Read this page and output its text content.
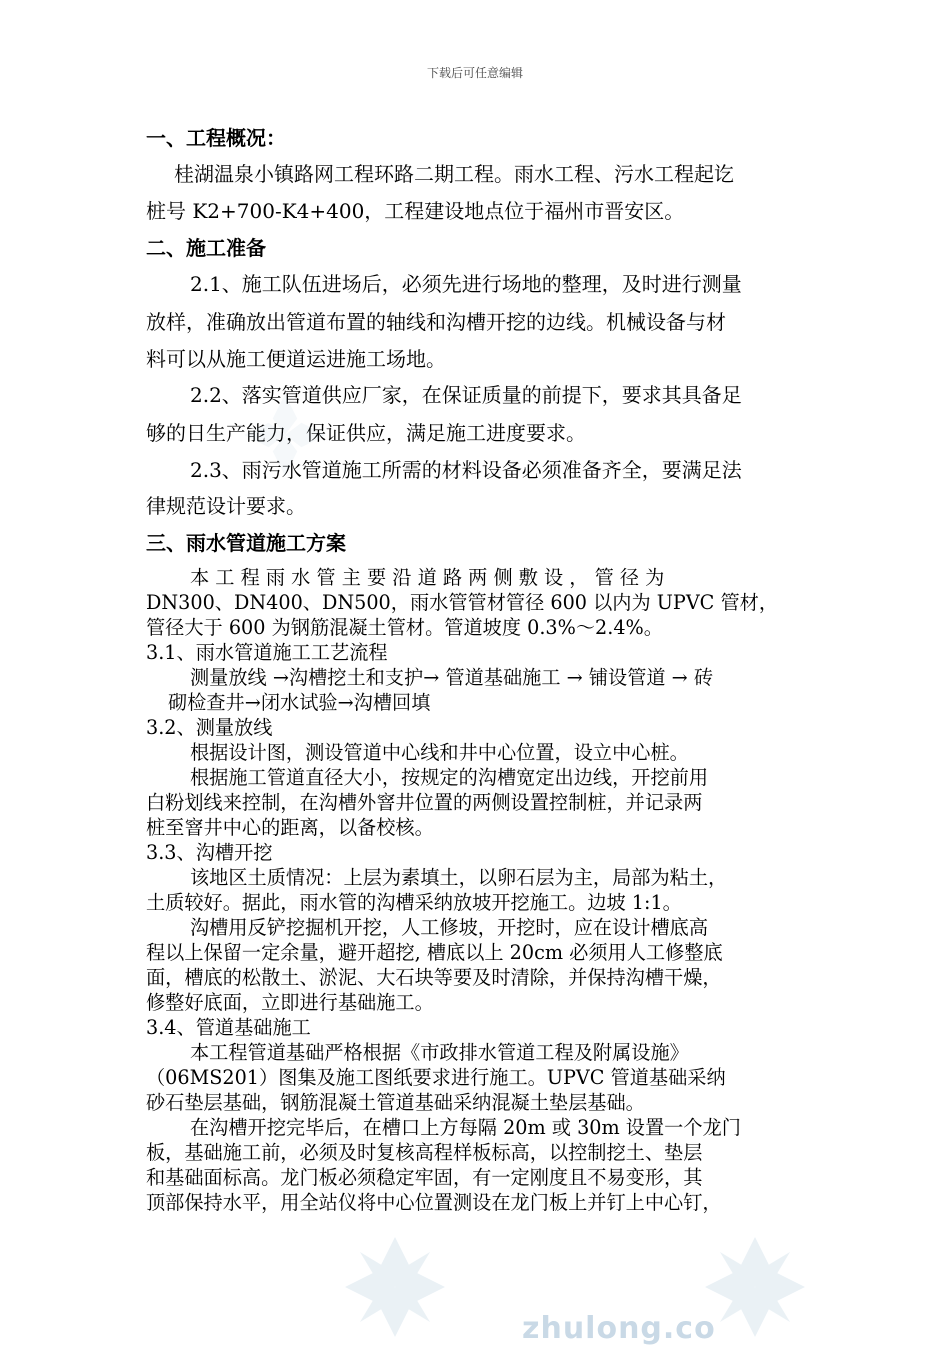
下载后可任意编辑
一、工程概况：
桂湖温泉小镇路网工程环路二期工程。雨水工程、污水工程起讫
桩号 K2+700-K4+400，工程建设地点位于福州市晋安区。
二、施工准备
2.1、施工队伍进场后，必须先进行场地的整理，及时进行测量
放样，准确放出管道布置的轴线和沟槽开挖的边线。机械设备与材
料可以从施工便道运进施工场地。
2.2、落实管道供应厂家，在保证质量的前提下，要求其具备足
够的日生产能力，保证供应，满足施工进度要求。
2.3、雨污水管道施工所需的材料设备必须准备齐全，要满足法
律规范设计要求。
三、雨水管道施工方案
本 工 程 雨 水 管 主 要 沿 道 路 两 侧 敷 设 ， 管 径 为
DN300、DN400、DN500，雨水管管材管径 600 以内为 UPVC 管材，
管径大于 600 为钢筋混凝土管材。管道坡度 0.3%～2.4%。
3.1、雨水管道施工工艺流程
测量放线 →沟槽挖土和支护→ 管道基础施工 → 铺设管道 → 砖
砌检查井→闭水试验→沟槽回填
3.2、测量放线
根据设计图，测设管道中心线和井中心位置，设立中心桩。
根据施工管道直径大小，按规定的沟槽宽定出边线，开挖前用
白粉划线来控制，在沟槽外窨井位置的两侧设置控制桩，并记录两
桩至窨井中心的距离，以备校核。
3.3、沟槽开挖
该地区土质情况：上层为素填土，以卵石层为主，局部为粘土，
土质较好。据此，雨水管的沟槽采纳放坡开挖施工。边坡 1:1。
沟槽用反铲挖掘机开挖，人工修坡，开挖时，应在设计槽底高
程以上保留一定余量，避开超挖, 槽底以上 20cm 必须用人工修整底
面，槽底的松散土、淤泥、大石块等要及时清除，并保持沟槽干燥，
修整好底面，立即进行基础施工。
3.4、管道基础施工
本工程管道基础严格根据《市政排水管道工程及附属设施》
（06MS201）图集及施工图纸要求进行施工。UPVC 管道基础采纳
砂石垫层基础，钢筋混凝土管道基础采纳混凝土垫层基础。
在沟槽开挖完毕后，在槽口上方每隔 20m 或 30m 设置一个龙门
板，基础施工前，必须及时复核高程样板标高，以控制挖土、垫层
和基础面标高。龙门板必须稳定牢固，有一定刚度且不易变形，其
顶部保持水平，用全站仪将中心位置测设在龙门板上并钉上中心钉，
zhulong.co
